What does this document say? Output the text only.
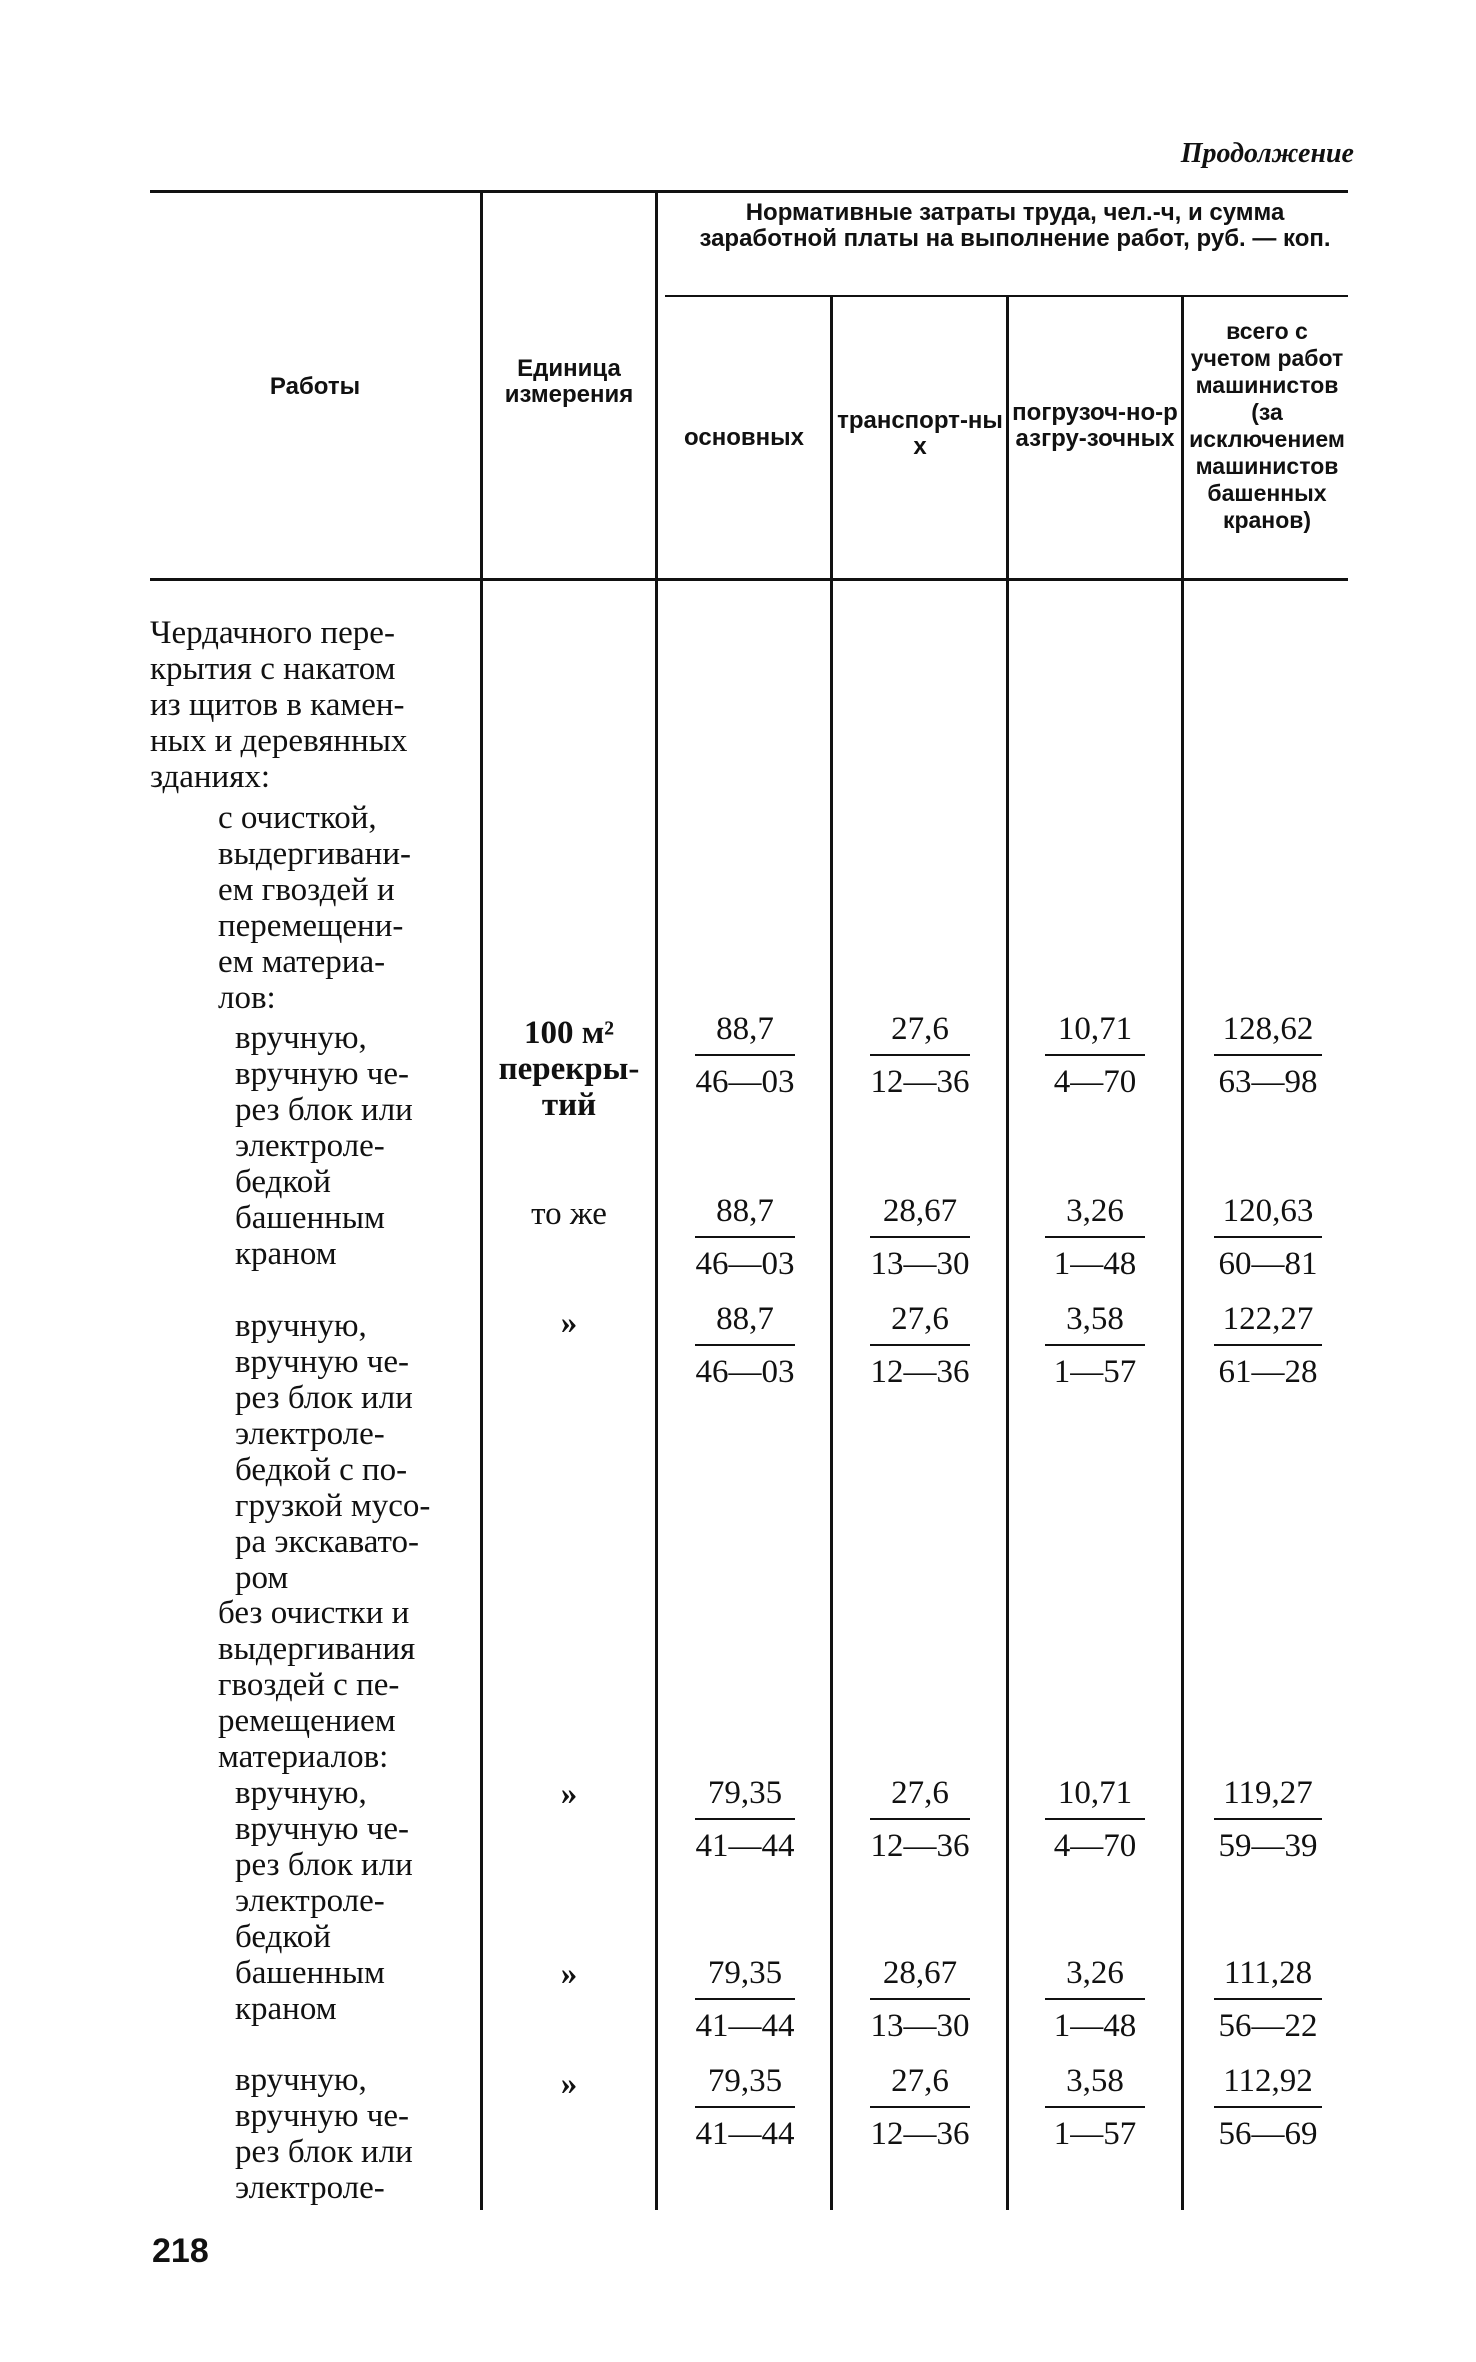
Продолжение
Работы
Единица измерения
Нормативные затраты труда, чел.-ч, и сумма заработной платы на выполнение работ, руб. — коп.
основных
транспорт-ных
погрузоч-но-разгру-зочных
всего с учетом работ машинистов (за исключением машинистов башенных кранов)
Чердачного пере-
крытия с накатом
из щитов в камен-
ных и деревянных
зданиях:
с очисткой,
выдергивани-
ем гвоздей и
перемещени-
ем материа-
лов:
вручную,
вручную че-
рез блок или
электроле-
бедкой
башенным
краном
вручную,
вручную че-
рез блок или
электроле-
бедкой с по-
грузкой мусо-
ра экскавато-
ром
без очистки и
выдергивания
гвоздей с пе-
ремещением
материалов:
вручную,
вручную че-
рез блок или
электроле-
бедкой
башенным
краном
вручную,
вручную че-
рез блок или
электроле-
100 м² перекры-тий
то же
»
»
»
»
88,7
46—03
27,6
12—36
10,71
4—70
128,62
63—98
88,7
46—03
28,67
13—30
3,26
1—48
120,63
60—81
88,7
46—03
27,6
12—36
3,58
1—57
122,27
61—28
79,35
41—44
27,6
12—36
10,71
4—70
119,27
59—39
79,35
41—44
28,67
13—30
3,26
1—48
111,28
56—22
79,35
41—44
27,6
12—36
3,58
1—57
112,92
56—69
218
